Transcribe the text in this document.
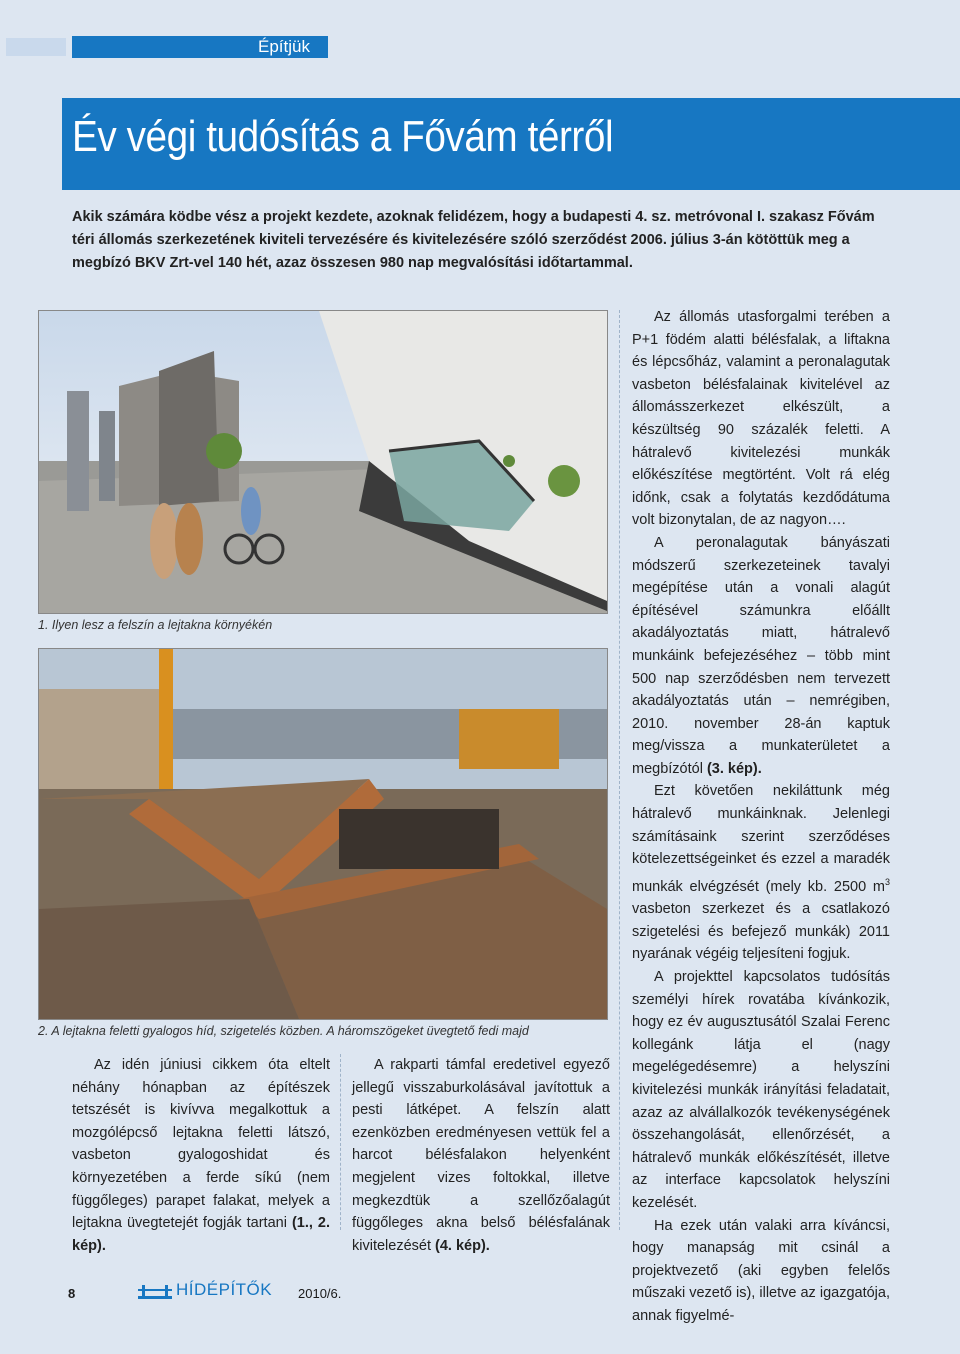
Építjük
Év végi tudósítás a Fővám térről
Akik számára ködbe vész a projekt kezdete, azoknak felidézem, hogy a budapesti 4. sz. metróvonal I. szakasz Fővám téri állomás szerkezetének kiviteli tervezésére és kivitelezésére szóló szerződést 2006. július 3-án kötöttük meg a megbízó BKV Zrt-vel 140 hét, azaz összesen 980 nap megvalósítási időtartammal.
1. Ilyen lesz a felszín a lejtakna környékén
2. A lejtakna feletti gyalogos híd, szigetelés közben. A háromszögeket üvegtető fedi majd

Az idén júniusi cikkem óta eltelt néhány hónapban az építészek tetszését is kivívva megalkottuk a mozgólépcső lejtakna feletti látszó, vasbeton gyalogoshidat és környezetében a ferde síkú (nem függőleges) parapet falakat, melyek a lejtakna üvegtetejét fogják tartani (1., 2. kép).

A rakparti támfal eredetivel egyező jellegű visszaburkolásával javítottuk a pesti látképet. A felszín alatt ezenközben eredményesen vettük fel a harcot bélésfalakon helyenként megjelent vizes foltokkal, illetve megkezdtük a szellőzőalagút függőleges akna belső bélésfalának kivitelezését (4. kép).

Az állomás utasforgalmi terében a P+1 födém alatti bélésfalak, a liftakna és lépcsőház, valamint a peronalagutak vasbeton bélésfalainak kivitelével az állomásszerkezet elkészült, a készültség 90 százalék feletti. A hátralevő kivitelezési munkák előkészítése megtörtént. Volt rá elég időnk, csak a folytatás kezdődátuma volt bizonytalan, de az nagyon….

A peronalagutak bányászati módszerű szerkezeteinek tavalyi megépítése után a vonali alagút építésével számunkra előállt akadályoztatás miatt, hátralevő munkáink befejezéséhez – több mint 500 nap szerződésben nem tervezett akadályoztatás után – nemrégiben, 2010. november 28-án kaptuk meg/vissza a munkaterületet a megbízótól (3. kép).

Ezt követően nekiláttunk még hátralevő munkáinknak. Jelenlegi számításaink szerint szerződéses kötelezettségeinket és ezzel a maradék munkák elvégzését (mely kb. 2500 $m^3$ vasbeton szerkezet és a csatlakozó szigetelési és befejező munkák) 2011 nyarának végéig teljesíteni fogjuk.

A projekttel kapcsolatos tudósítás személyi hírek rovatába kívánkozik, hogy ez év augusztusától Szalai Ferenc kollegánk látja el (nagy megelégedésemre) a helyszíni kivitelezési munkák irányítási feladatait, azaz az alvállalkozók tevékenységének összehangolását, ellenőrzését, a hátralevő munkák előkészítését, illetve az interface kapcsolatok helyszíni kezelését.

Ha ezek után valaki arra kíváncsi, hogy manapság mit csinál a projektvezető (aki egyben felelős műszaki vezető is), illetve az igazgatója, annak figyelmé-

8	HÍDÉPÍTŐK 2010/6.
